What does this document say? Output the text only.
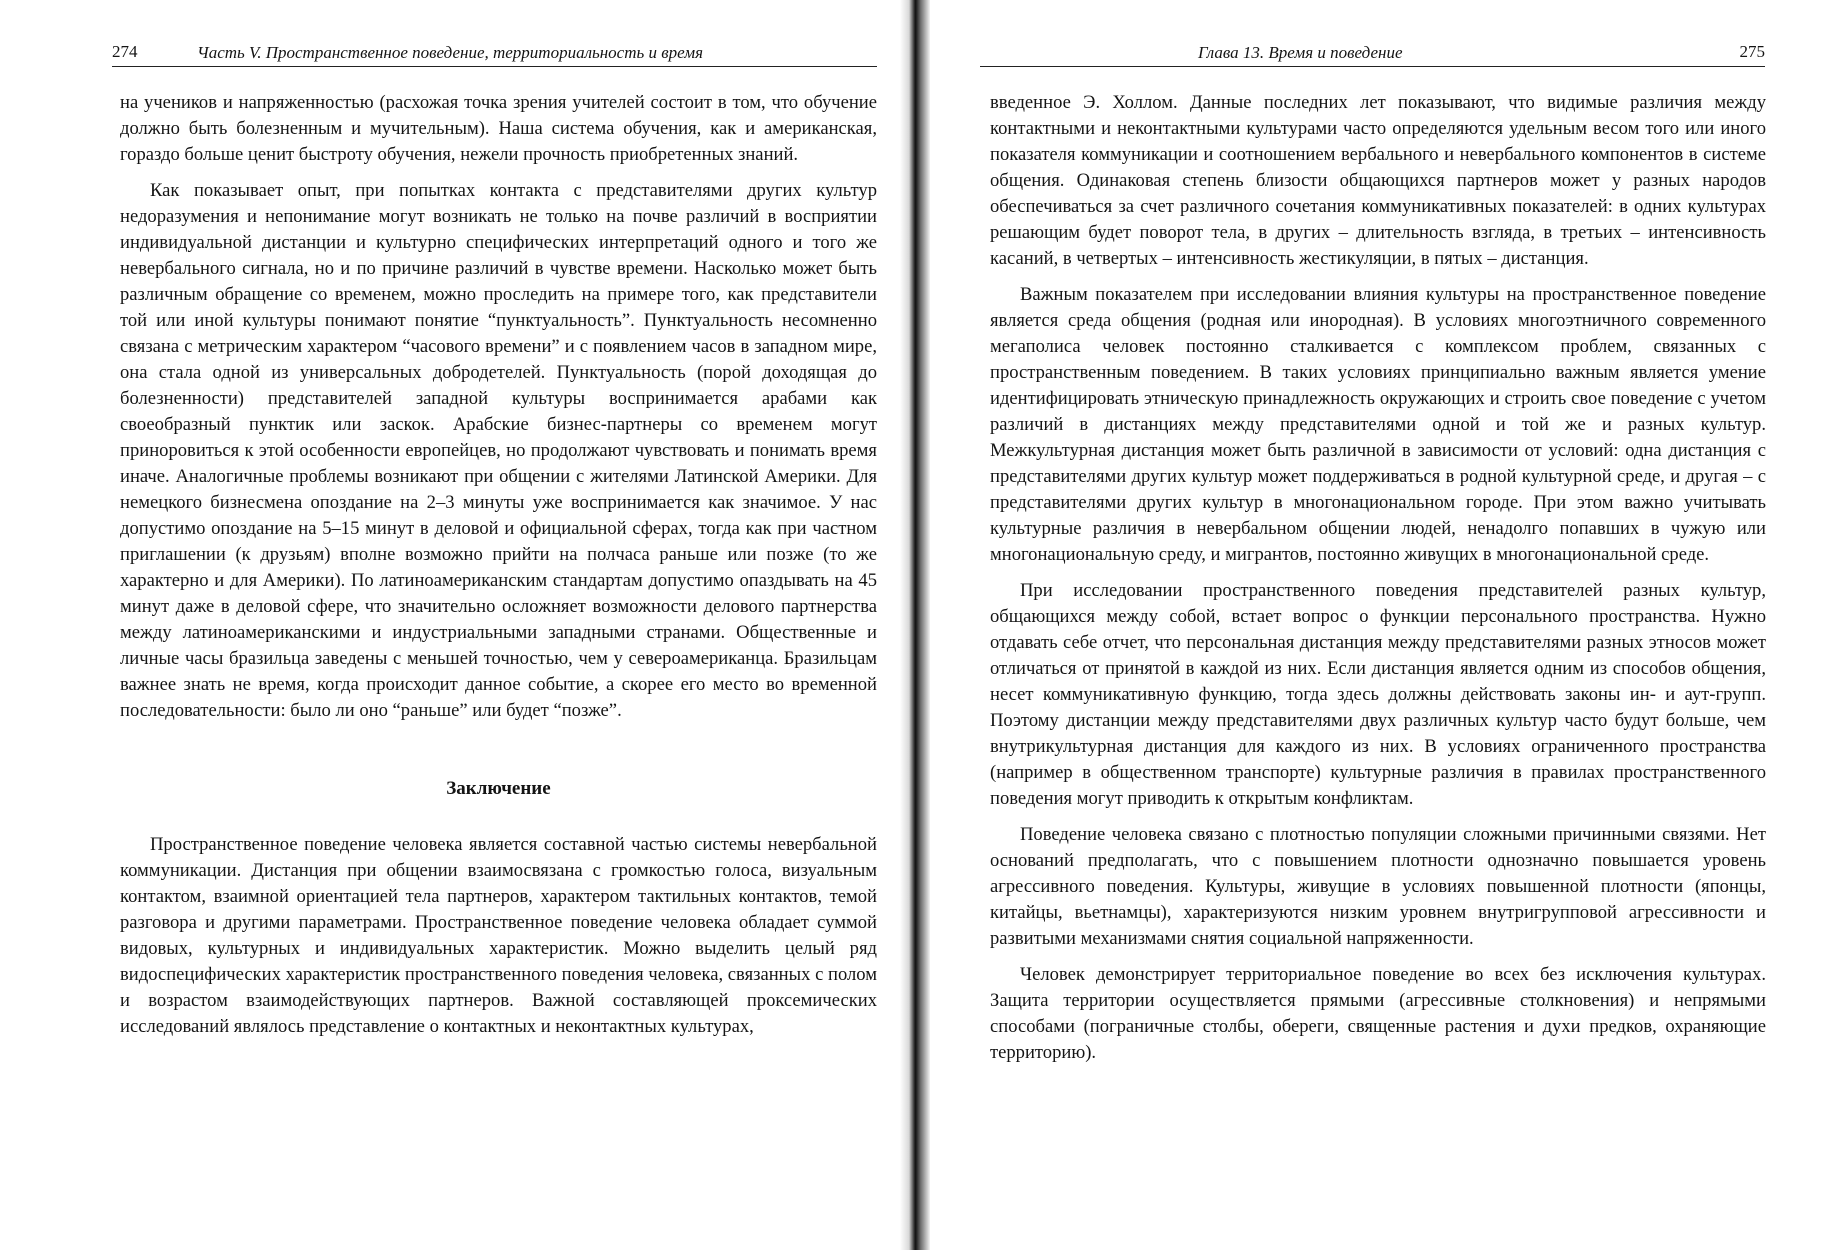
274	Часть V. Пространственное поведение, территориальность и время

на учеников и напряженностью (расхожая точка зрения учителей состоит в том, что обучение должно быть болезненным и мучительным). Наша система обучения, как и американская, гораздо больше ценит быстроту обучения, нежели прочность приобретенных знаний.

Как показывает опыт, при попытках контакта с представителями других культур недоразумения и непонимание могут возникать не только на почве различий в восприятии индивидуальной дистанции и культурно специфических интерпретаций одного и того же невербального сигнала, но и по причине различий в чувстве времени. Насколько может быть различным обращение со временем, можно проследить на примере того, как представители той или иной культуры понимают понятие “пунктуальность”. Пунктуальность несомненно связана с метрическим характером “часового времени” и с появлением часов в западном мире, она стала одной из универсальных добродетелей. Пунктуальность (порой доходящая до болезненности) представителей западной культуры воспринимается арабами как своеобразный пунктик или заскок. Арабские бизнес-партнеры со временем могут приноровиться к этой особенности европейцев, но продолжают чувствовать и понимать время иначе. Аналогичные проблемы возникают при общении с жителями Латинской Америки. Для немецкого бизнесмена опоздание на 2–3 минуты уже воспринимается как значимое. У нас допустимо опоздание на 5–15 минут в деловой и официальной сферах, тогда как при частном приглашении (к друзьям) вполне возможно прийти на полчаса раньше или позже (то же характерно и для Америки). По латиноамериканским стандартам допустимо опаздывать на 45 минут даже в деловой сфере, что значительно осложняет возможности делового партнерства между латиноамериканскими и индустриальными западными странами. Общественные и личные часы бразильца заведены с меньшей точностью, чем у североамериканца. Бразильцам важнее знать не время, когда происходит данное событие, а скорее его место во временной последовательности: было ли оно “раньше” или будет “позже”.

Заключение

Пространственное поведение человека является составной частью системы невербальной коммуникации. Дистанция при общении взаимосвязана с громкостью голоса, визуальным контактом, взаимной ориентацией тела партнеров, характером тактильных контактов, темой разговора и другими параметрами. Пространственное поведение человека обладает суммой видовых, культурных и индивидуальных характеристик. Можно выделить целый ряд видоспецифических характеристик пространственного поведения человека, связанных с полом и возрастом взаимодействующих партнеров. Важной составляющей проксемических исследований являлось представление о контактных и неконтактных культурах,

Глава 13. Время и поведение	275

введенное Э. Холлом. Данные последних лет показывают, что видимые различия между контактными и неконтактными культурами часто определяются удельным весом того или иного показателя коммуникации и соотношением вербального и невербального компонентов в системе общения. Одинаковая степень близости общающихся партнеров может у разных народов обеспечиваться за счет различного сочетания коммуникативных показателей: в одних культурах решающим будет поворот тела, в других – длительность взгляда, в третьих – интенсивность касаний, в четвертых – интенсивность жестикуляции, в пятых – дистанция.

Важным показателем при исследовании влияния культуры на пространственное поведение является среда общения (родная или инородная). В условиях многоэтничного современного мегаполиса человек постоянно сталкивается с комплексом проблем, связанных с пространственным поведением. В таких условиях принципиально важным является умение идентифицировать этническую принадлежность окружающих и строить свое поведение с учетом различий в дистанциях между представителями одной и той же и разных культур. Межкультурная дистанция может быть различной в зависимости от условий: одна дистанция с представителями других культур может поддерживаться в родной культурной среде, и другая – с представителями других культур в многонациональном городе. При этом важно учитывать культурные различия в невербальном общении людей, ненадолго попавших в чужую или многонациональную среду, и мигрантов, постоянно живущих в многонациональной среде.

При исследовании пространственного поведения представителей разных культур, общающихся между собой, встает вопрос о функции персонального пространства. Нужно отдавать себе отчет, что персональная дистанция между представителями разных этносов может отличаться от принятой в каждой из них. Если дистанция является одним из способов общения, несет коммуникативную функцию, тогда здесь должны действовать законы ин- и аут-групп. Поэтому дистанции между представителями двух различных культур часто будут больше, чем внутрикультурная дистанция для каждого из них. В условиях ограниченного пространства (например в общественном транспорте) культурные различия в правилах пространственного поведения могут приводить к открытым конфликтам.

Поведение человека связано с плотностью популяции сложными причинными связями. Нет оснований предполагать, что с повышением плотности однозначно повышается уровень агрессивного поведения. Культуры, живущие в условиях повышенной плотности (японцы, китайцы, вьетнамцы), характеризуются низким уровнем внутригрупповой агрессивности и развитыми механизмами снятия социальной напряженности.

Человек демонстрирует территориальное поведение во всех без исключения культурах. Защита территории осуществляется прямыми (агрессивные столкновения) и непрямыми способами (пограничные столбы, обереги, священные растения и духи предков, охраняющие территорию).
